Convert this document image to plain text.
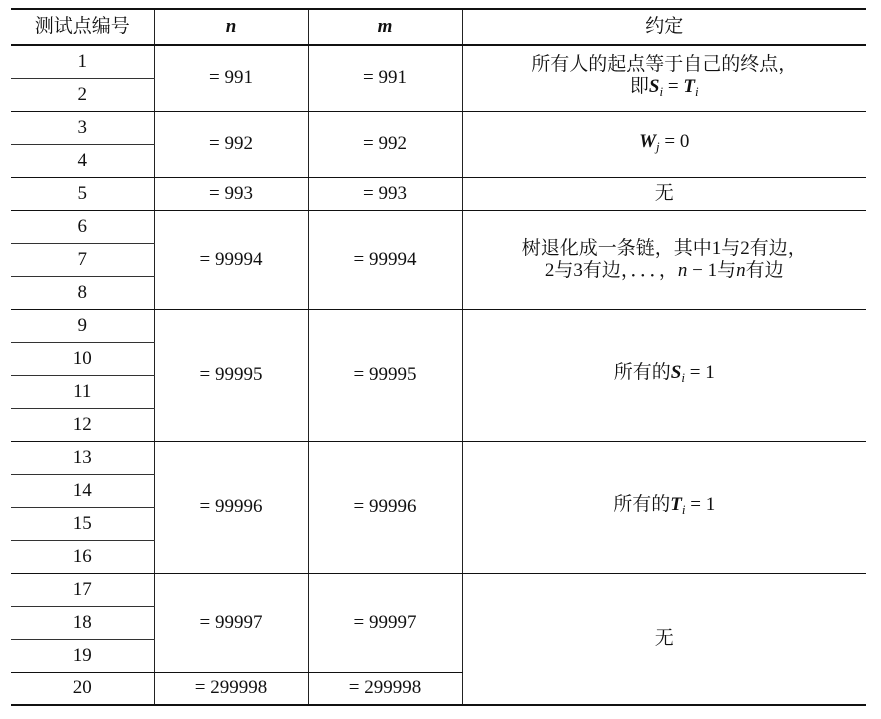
测试点编号	n	m	约定
1	= 991	= 991	所有人的起点等于自己的终点，
即$S_i = T_i$

2			
3	= 992	= 992	$W_j = 0$
4			
5	= 993	= 993	无
6	= 99994	= 99994	树退化成一条链，其中1与2有边，
2与3有边，．．．，n − 1与n有边

7			
8			
9	= 99995	= 99995	所有的$S_i = 1$
10			
11			
12			
13	= 99996	= 99996	所有的$T_i = 1$
14			
15			
16			
17	= 99997	= 99997	无
18			
19			
20	= 299998	= 299998	
